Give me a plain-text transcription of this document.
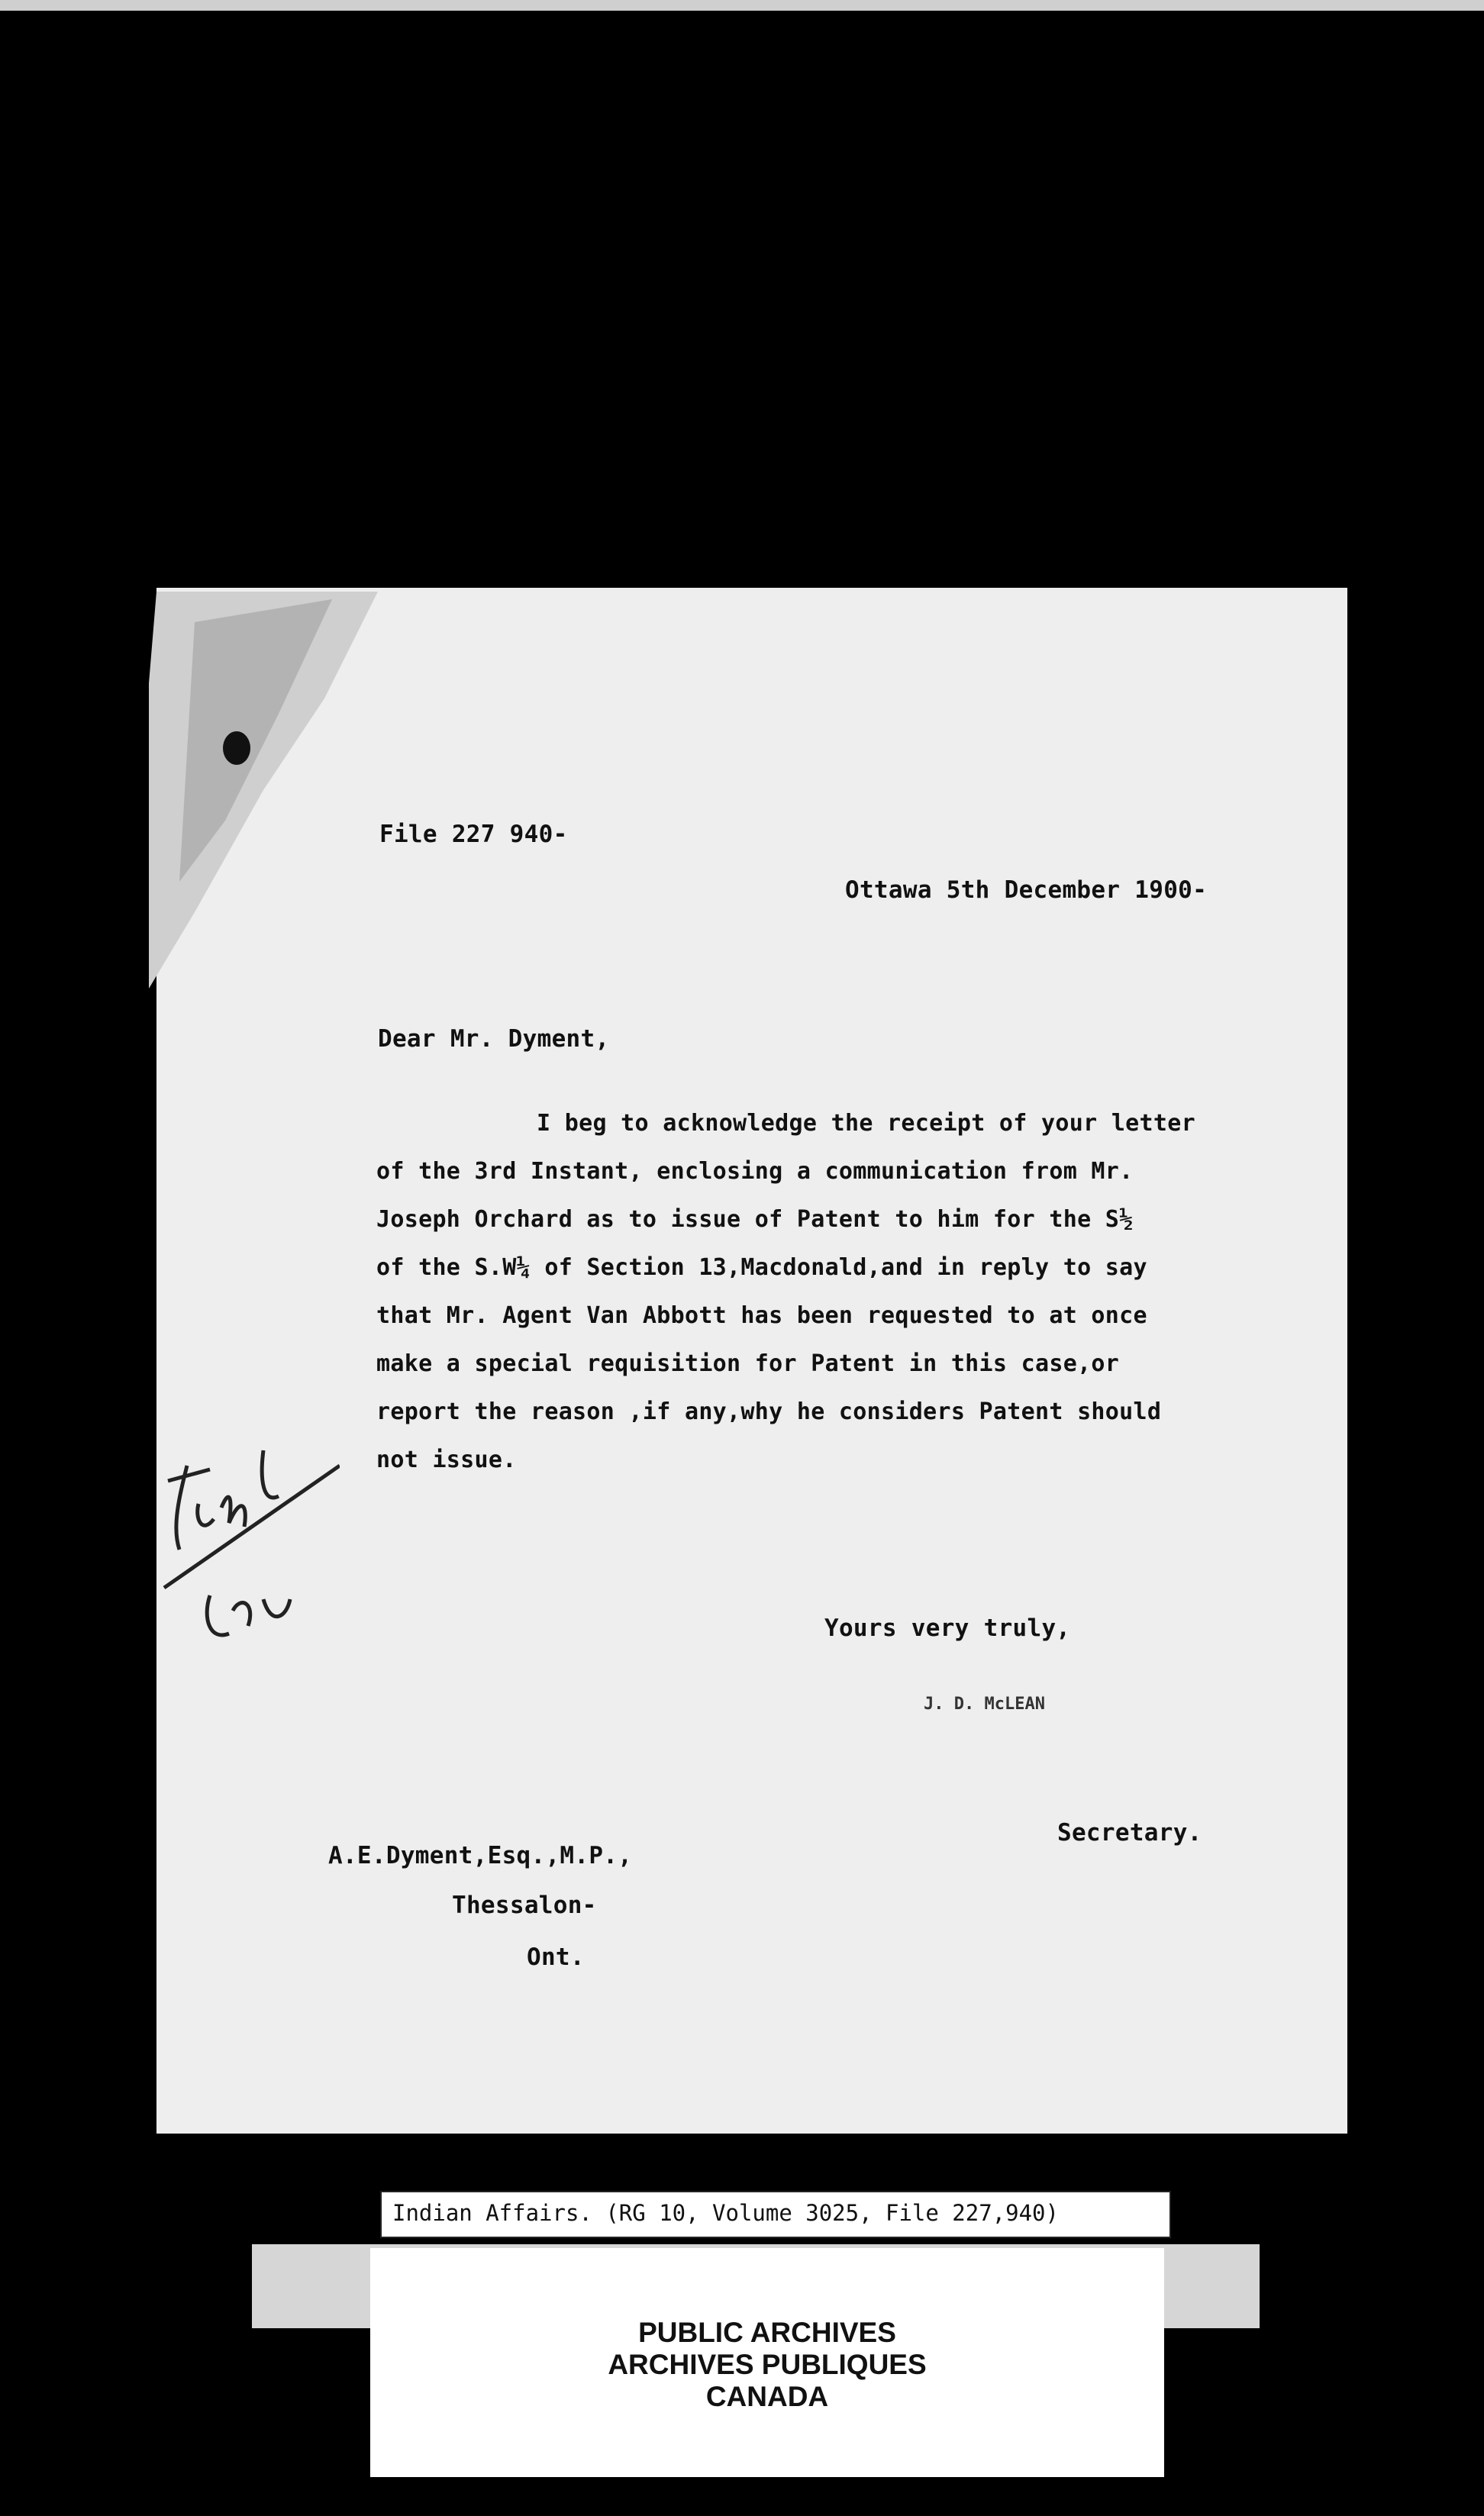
File 227 940-
Ottawa 5th December 1900-
Dear Mr. Dyment,
I beg to acknowledge the receipt of your letter
of the 3rd Instant, enclosing a communication from Mr.
Joseph Orchard as to issue of Patent to him for the S½
of the S.W¼ of Section 13,Macdonald,and in reply to say
that Mr. Agent Van Abbott has been requested to at once
make a special requisition for Patent in this case,or
report the reason ,if any,why he considers Patent should
not issue.
Yours very truly,
J. D. McLEAN
Secretary.
A.E.Dyment,Esq.,M.P.,
Thessalon-
Ont.
Indian Affairs. (RG 10, Volume 3025, File 227,940)
PUBLIC ARCHIVES
ARCHIVES PUBLIQUES
CANADA
